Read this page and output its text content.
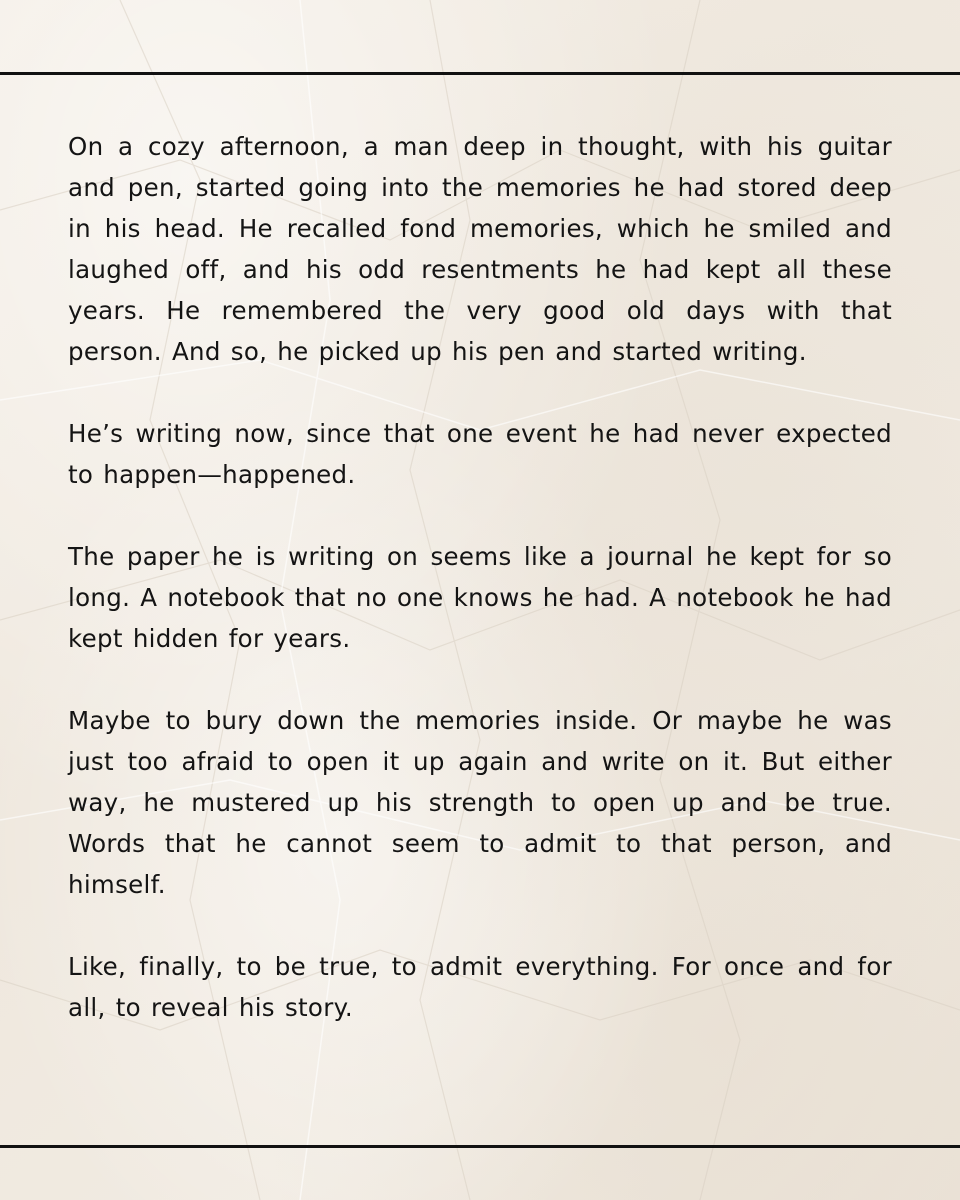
On a cozy afternoon, a man deep in thought, with his guitar and pen, started going into the memories he had stored deep in his head. He recalled fond memories, which he smiled and laughed off, and his odd resentments he had kept all these years. He remembered the very good old days with that person. And so, he picked up his pen and started writing.

He’s writing now, since that one event he had never expected to happen—happened.

The paper he is writing on seems like a journal he kept for so long. A notebook that no one knows he had. A notebook he had kept hidden for years.

Maybe to bury down the memories inside. Or maybe he was just too afraid to open it up again and write on it. But either way, he mustered up his strength to open up and be true. Words that he cannot seem to admit to that person, and himself.

Like, finally, to be true, to admit everything. For once and for all, to reveal his story.
